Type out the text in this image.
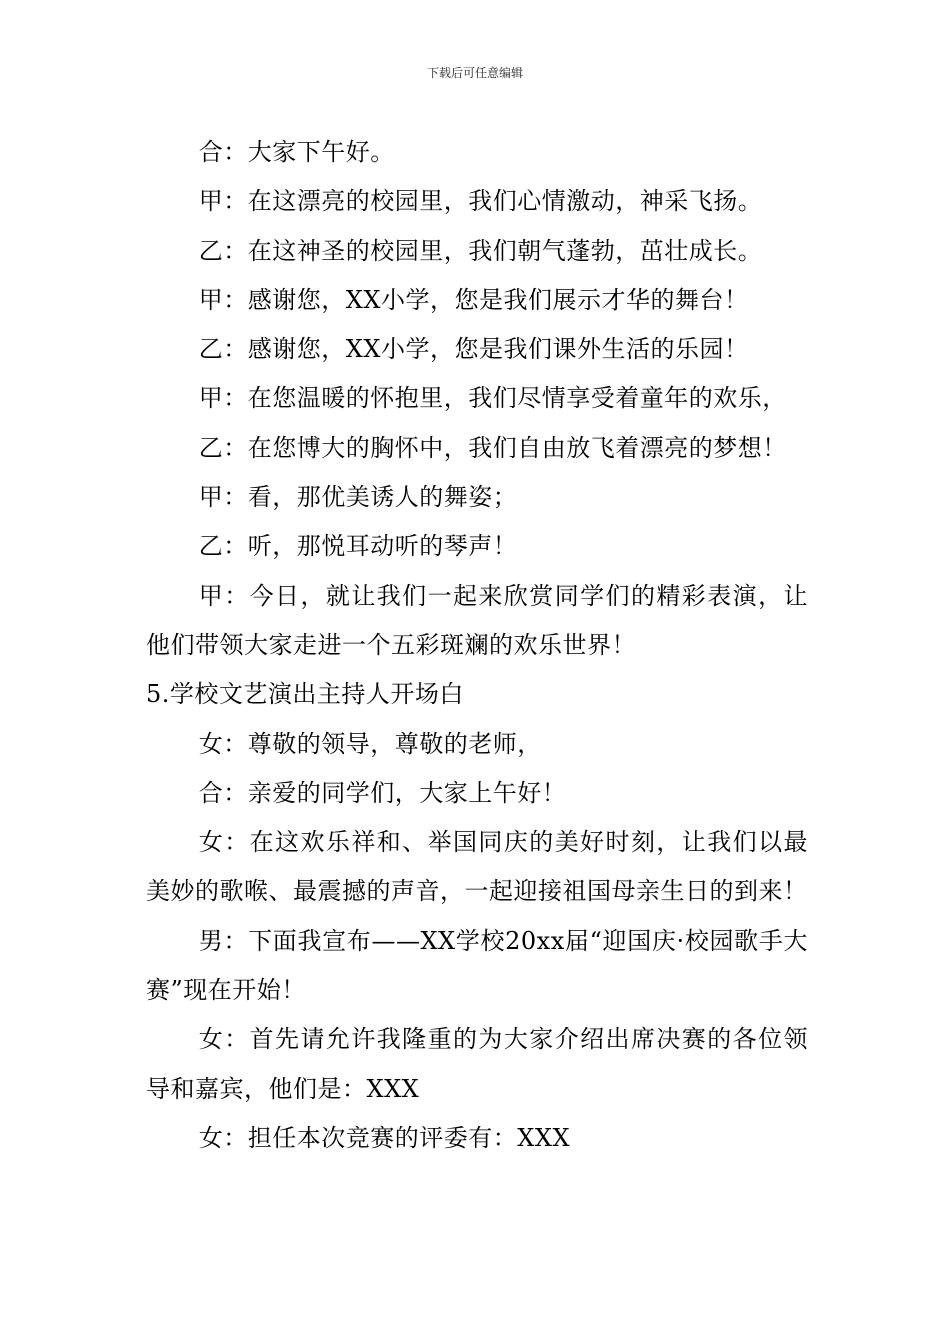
下载后可任意编辑

合：大家下午好。

甲：在这漂亮的校园里，我们心情激动，神采飞扬。

乙：在这神圣的校园里，我们朝气蓬勃，茁壮成长。

甲：感谢您，XX小学，您是我们展示才华的舞台！

乙：感谢您，XX小学，您是我们课外生活的乐园！

甲：在您温暖的怀抱里，我们尽情享受着童年的欢乐，

乙：在您博大的胸怀中，我们自由放飞着漂亮的梦想！

甲：看，那优美诱人的舞姿；

乙：听，那悦耳动听的琴声！

甲：今日，就让我们一起来欣赏同学们的精彩表演，让他们带领大家走进一个五彩斑斓的欢乐世界！

5.学校文艺演出主持人开场白

女：尊敬的领导，尊敬的老师，

合：亲爱的同学们，大家上午好！

女：在这欢乐祥和、举国同庆的美好时刻，让我们以最美妙的歌喉、最震撼的声音，一起迎接祖国母亲生日的到来！

男：下面我宣布——XX学校20xx届“迎国庆·校园歌手大赛”现在开始！

女：首先请允许我隆重的为大家介绍出席决赛的各位领导和嘉宾，他们是：XXX

女：担任本次竞赛的评委有：XXX
